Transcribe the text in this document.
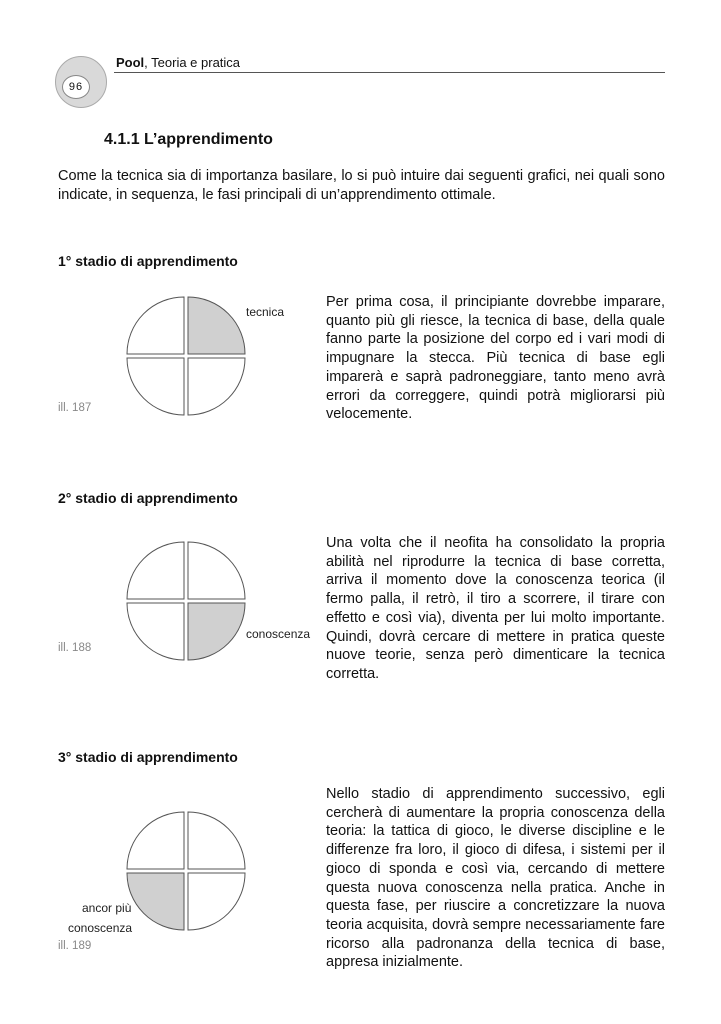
96
Pool, Teoria e pratica
4.1.1 L’apprendimento
Come la tecnica sia di importanza basilare, lo si può intuire dai seguenti grafici, nei quali sono indicate, in sequenza, le fasi principali di un’apprendimento ottimale.
1° stadio di apprendimento
tecnica
ill. 187
Per prima cosa, il principiante dovrebbe imparare, quanto più gli riesce, la tecnica di base, della quale fanno parte la posizione del corpo ed i vari modi di impugnare la stecca. Più tecnica di base egli imparerà e saprà padroneggiare, tanto meno avrà errori da correggere, quindi potrà migliorarsi più velocemente.
2° stadio di apprendimento
conoscenza
ill. 188
Una volta che il neofita ha consolidato la propria abilità nel riprodurre la tecnica di base corretta, arriva il momento dove la conoscenza teorica (il fermo palla, il retrò, il tiro a scorrere, il tirare con effetto e così via), diventa per lui molto importante. Quindi, dovrà cercare di mettere in pratica queste nuove teorie, senza però dimenticare la tecnica corretta.
3° stadio di apprendimento
ancor più
conoscenza
ill. 189
Nello stadio di apprendimento successivo, egli cercherà di aumentare la propria conoscenza della teoria: la tattica di gioco, le diverse discipline e le differenze fra loro, il gioco di difesa, i sistemi per il gioco di sponda e così via, cercando di mettere questa nuova conoscenza nella pratica. Anche in questa fase, per riuscire a concretizzare la nuova teoria acquisita, dovrà sempre necessariamente fare ricorso alla padronanza della tecnica di base, appresa inizialmente.
